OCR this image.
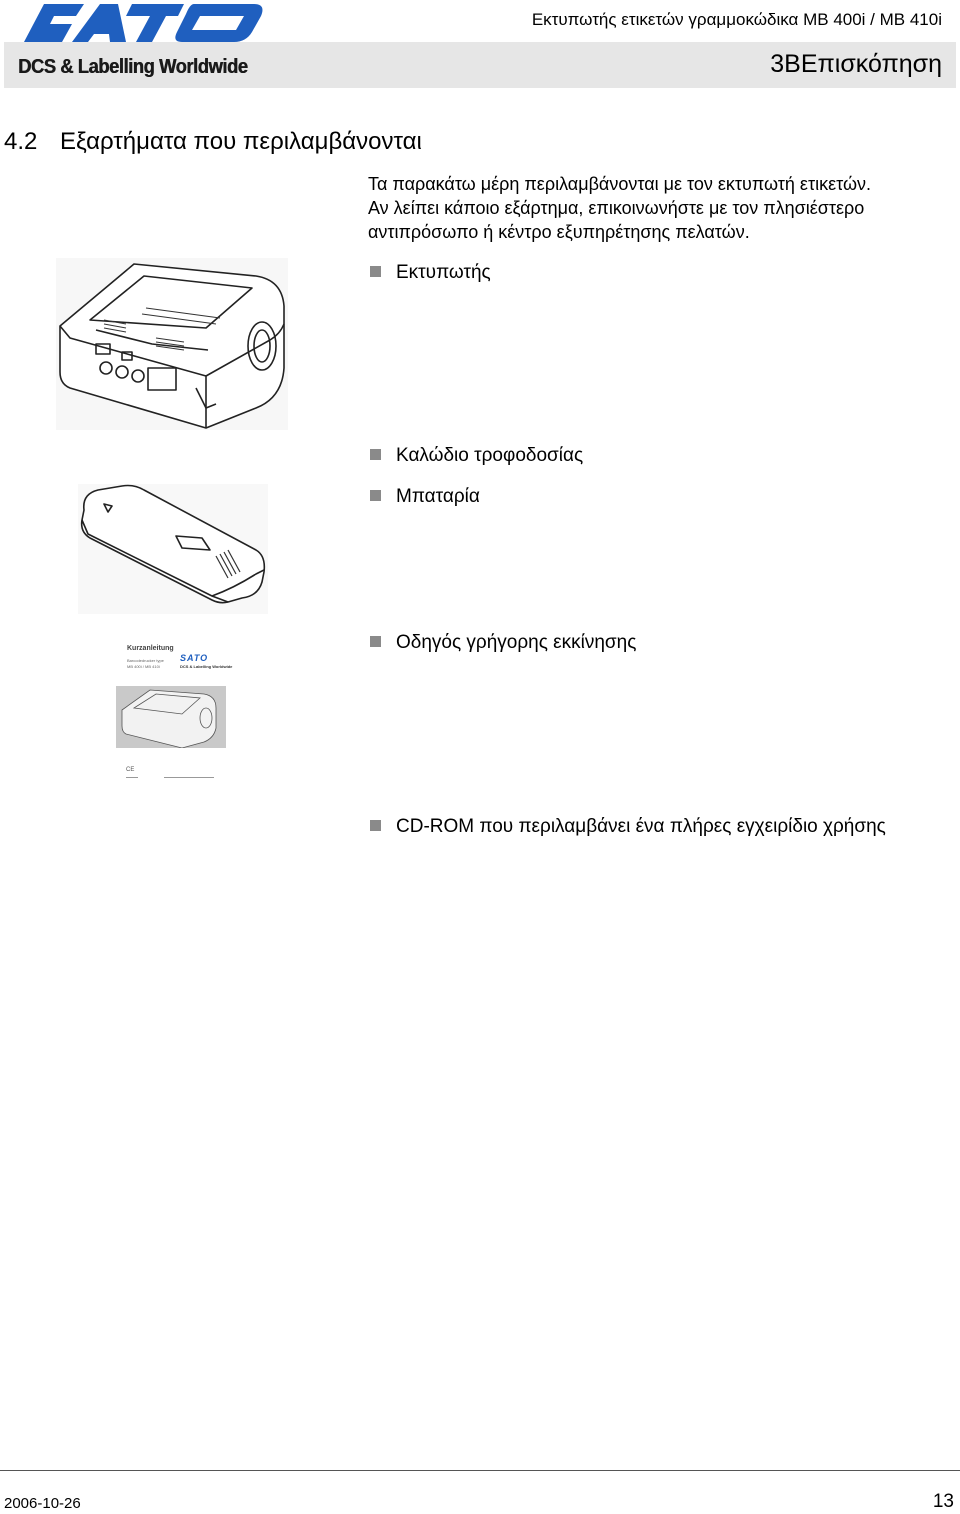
Εκτυπωτής ετικετών γραμμοκώδικα MB 400i / MB 410i
DCS & Labelling Worldwide	3ΒΕπισκόπηση
4.2 Εξαρτήματα που περιλαμβάνονται
Τα παρακάτω μέρη περιλαμβάνονται με τον εκτυπωτή ετικετών.
Αν λείπει κάποιο εξάρτημα, επικοινωνήστε με τον πλησιέστερο
αντιπρόσωπο ή κέντρο εξυπηρέτησης πελατών.
Εκτυπωτής
Καλώδιο τροφοδοσίας
Μπαταρία
Οδηγός γρήγορης εκκίνησης
CD-ROM που περιλαμβάνει ένα πλήρες εγχειρίδιο χρήσης
Kurzanleitung
Barcodedrucker type
MB 400i / MB 410i
SATO
DCS & Labelling Worldwide
CE
2006-10-26	13
